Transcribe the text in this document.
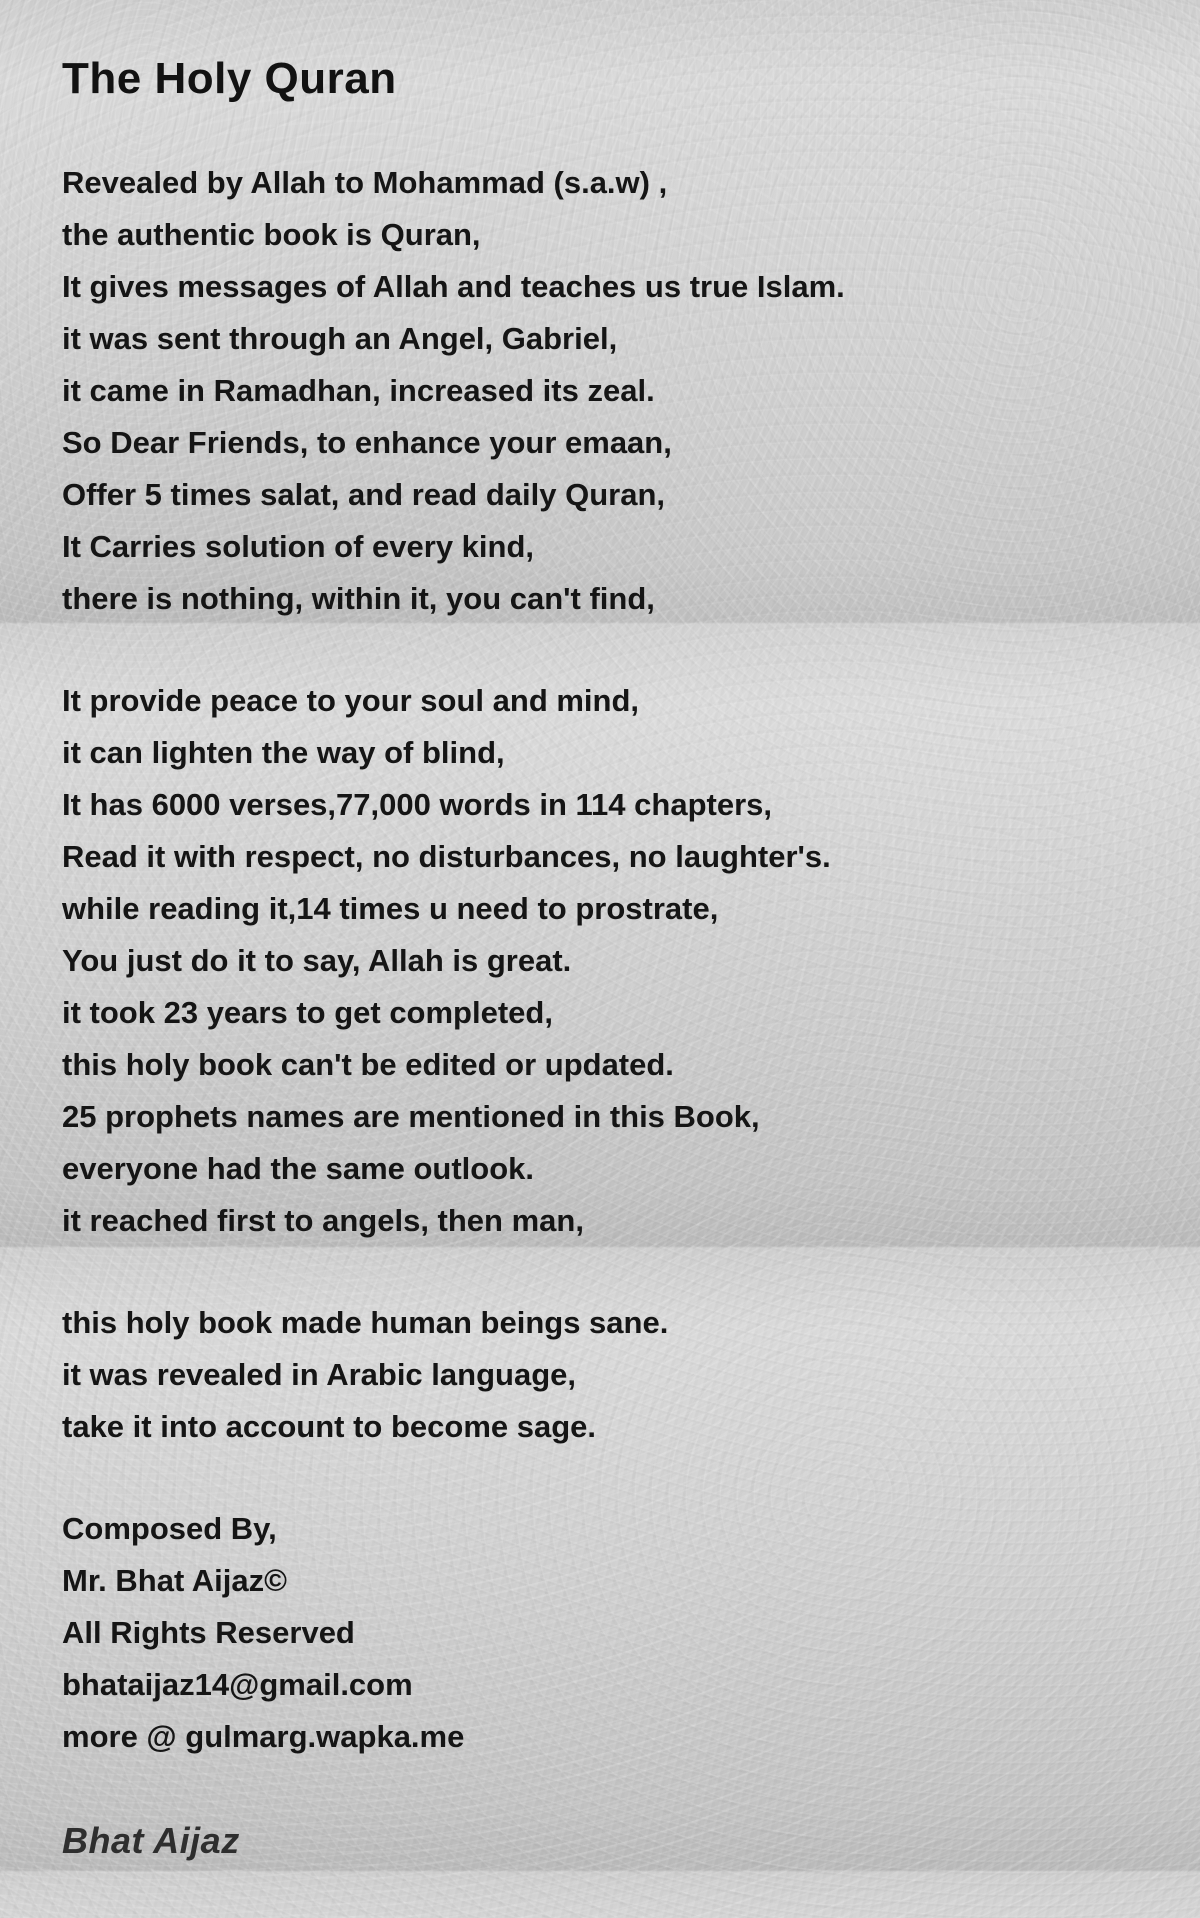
The Holy Quran
Revealed by Allah to Mohammad (s.a.w) ,
the authentic book is Quran,
It gives messages of Allah and teaches us true Islam.
it was sent through an Angel, Gabriel,
it came in Ramadhan, increased its zeal.
So Dear Friends, to enhance your emaan,
Offer 5 times salat, and read daily Quran,
It Carries solution of every kind,
there is nothing, within it, you can't find,
It provide peace to your soul and mind,
it can lighten the way of blind,
It has 6000 verses,77,000 words in 114 chapters,
Read it with respect, no disturbances, no laughter's.
while reading it,14 times u need to prostrate,
You just do it to say, Allah is great.
it took 23 years to get completed,
this holy book can't be edited or updated.
25 prophets names are mentioned in this Book,
everyone had the same outlook.
it reached first to angels, then man,
this holy book made human beings sane.
it was revealed in Arabic language,
take it into account to become sage.
Composed By,
Mr. Bhat Aijaz©
All Rights Reserved
bhataijaz14@gmail.com
more @ gulmarg.wapka.me
Bhat Aijaz
